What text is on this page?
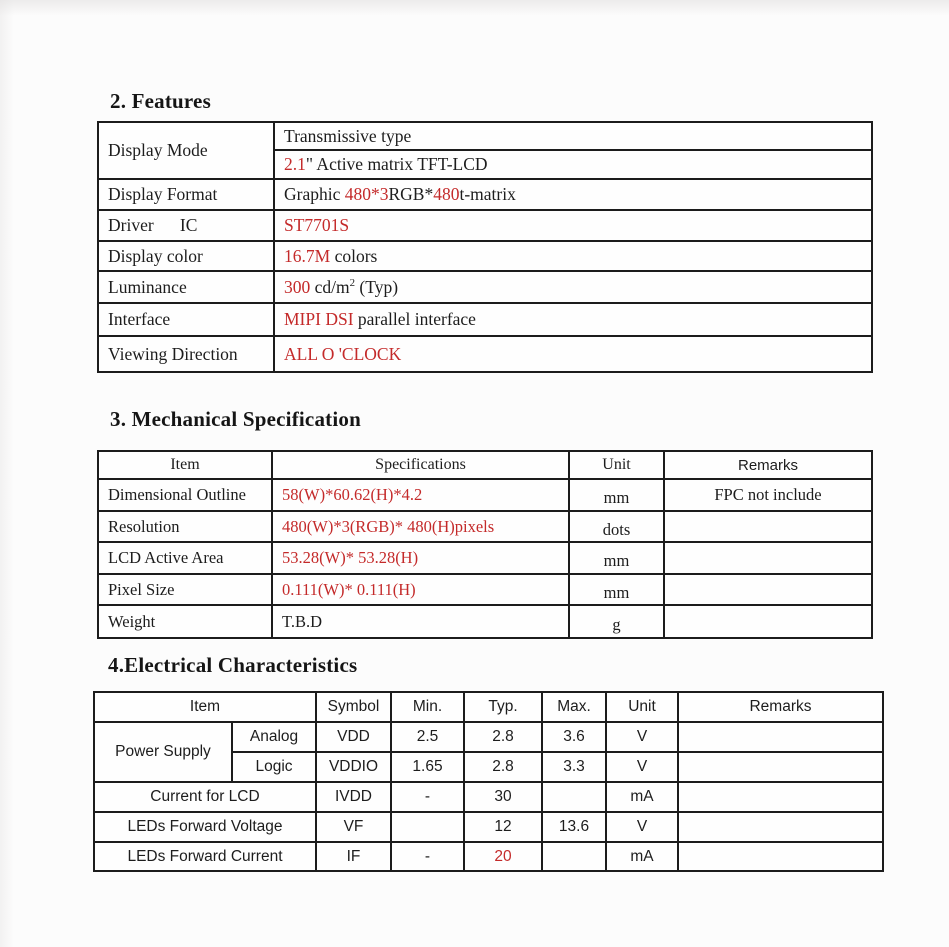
2. Features
Display Mode	Transmissive type
	2.1" Active matrix TFT-LCD
Display Format	Graphic 480*3RGB*480t-matrix
Driver      IC	ST7701S
Display color	16.7M colors
Luminance	300 $cd/m^2$ (Typ)
Interface	MIPI DSI parallel interface
Viewing Direction	ALL O 'CLOCK
3. Mechanical Specification
Item	Specifications	Unit	Remarks
Dimensional Outline	58(W)*60.62(H)*4.2	mm	FPC not include
Resolution	480(W)*3(RGB)* 480(H)pixels	dots	
LCD Active Area	53.28(W)* 53.28(H)	mm	
Pixel Size	0.111(W)* 0.111(H)	mm	
Weight	T.B.D	g	
4.Electrical Characteristics
Item		Symbol	Min.	Typ.	Max.	Unit	Remarks
Power Supply	Analog	VDD	2.5	2.8	3.6	V	
	Logic	VDDIO	1.65	2.8	3.3	V	
Current for LCD		IVDD	-	30		mA	
LEDs Forward Voltage		VF		12	13.6	V	
LEDs Forward Current		IF	-	20		mA	
